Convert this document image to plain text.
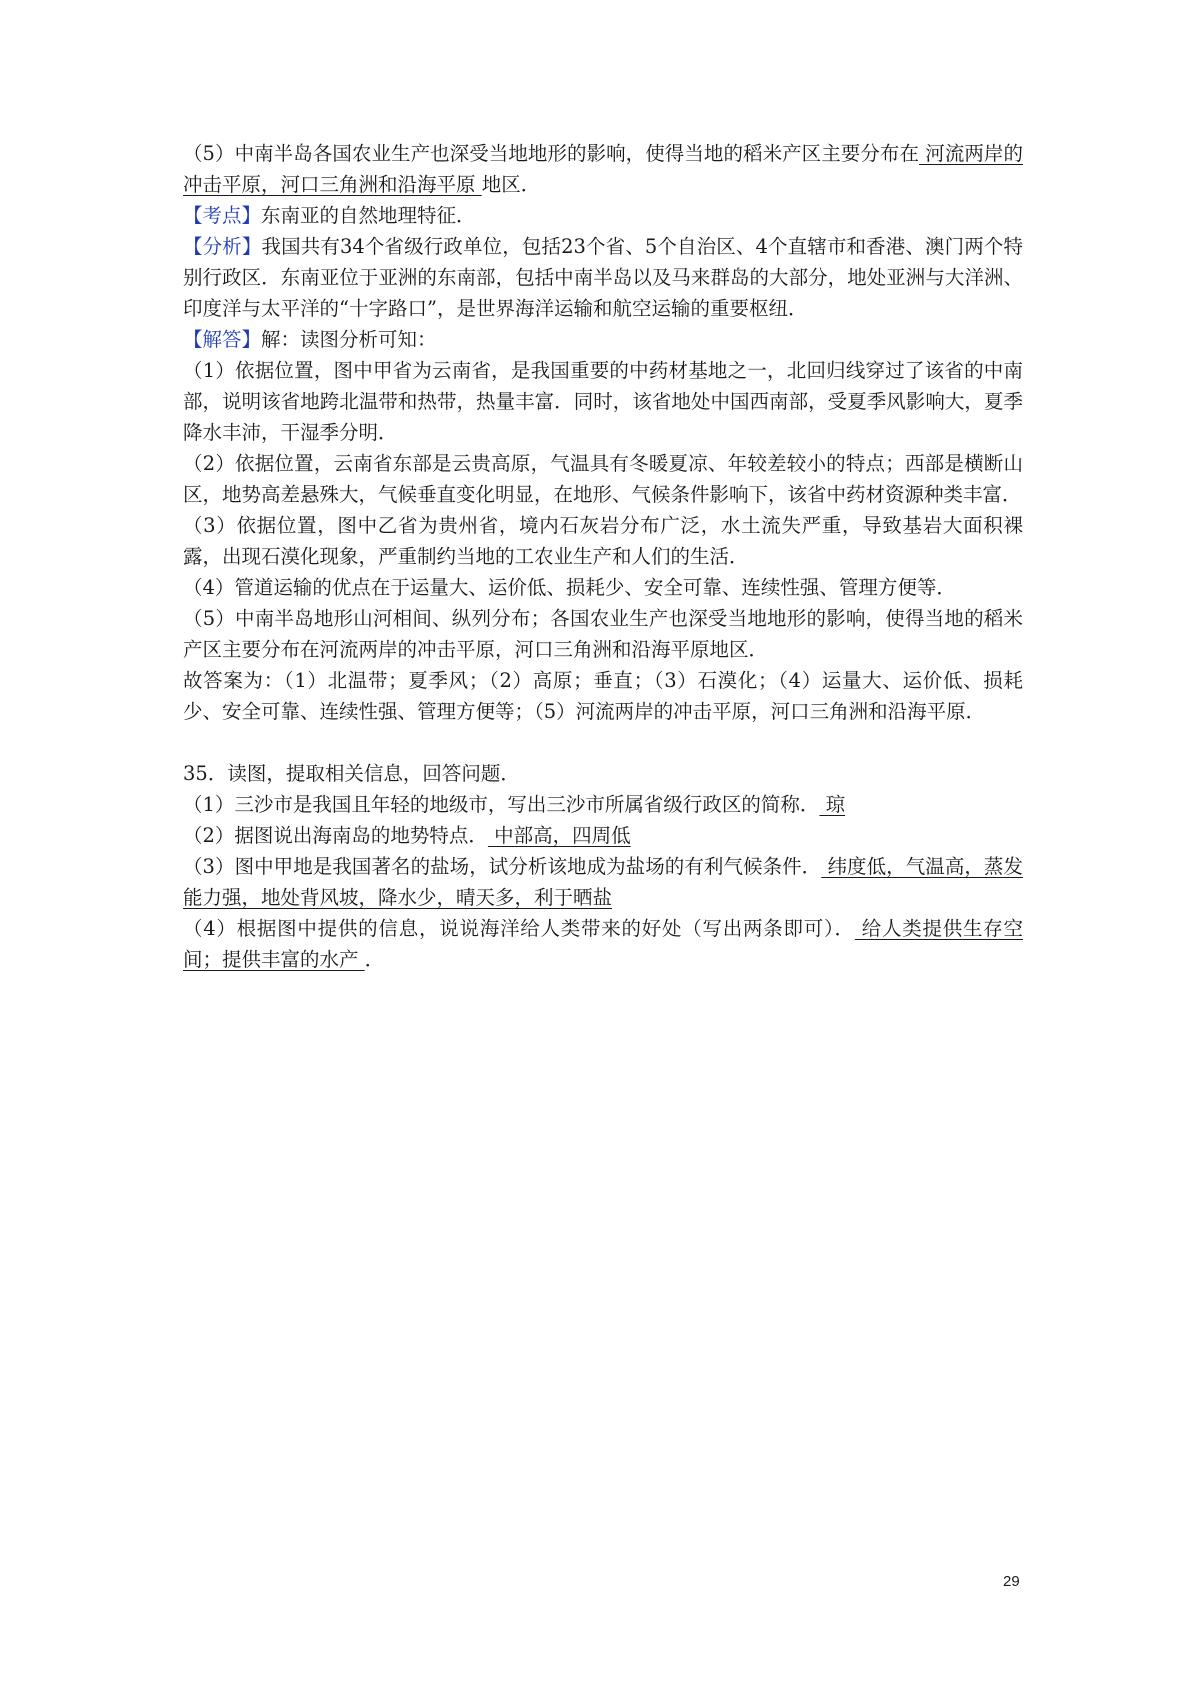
（5）中南半岛各国农业生产也深受当地地形的影响，使得当地的稻米产区主要分布在 河流两岸的冲击平原，河口三角洲和沿海平原 地区．

【考点】东南亚的自然地理特征．

【分析】我国共有34个省级行政单位，包括23个省、5个自治区、4个直辖市和香港、澳门两个特别行政区．东南亚位于亚洲的东南部，包括中南半岛以及马来群岛的大部分，地处亚洲与大洋洲、印度洋与太平洋的“十字路口”，是世界海洋运输和航空运输的重要枢纽．

【解答】解：读图分析可知：

（1）依据位置，图中甲省为云南省，是我国重要的中药材基地之一，北回归线穿过了该省的中南部，说明该省地跨北温带和热带，热量丰富．同时，该省地处中国西南部，受夏季风影响大，夏季降水丰沛，干湿季分明．

（2）依据位置，云南省东部是云贵高原，气温具有冬暖夏凉、年较差较小的特点；西部是横断山区，地势高差悬殊大，气候垂直变化明显，在地形、气候条件影响下，该省中药材资源种类丰富．

（3）依据位置，图中乙省为贵州省，境内石灰岩分布广泛，水土流失严重，导致基岩大面积裸露，出现石漠化现象，严重制约当地的工农业生产和人们的生活．

（4）管道运输的优点在于运量大、运价低、损耗少、安全可靠、连续性强、管理方便等．

（5）中南半岛地形山河相间、纵列分布；各国农业生产也深受当地地形的影响，使得当地的稻米产区主要分布在河流两岸的冲击平原，河口三角洲和沿海平原地区．

故答案为：（1）北温带；夏季风；（2）高原；垂直；（3）石漠化；（4）运量大、运价低、损耗少、安全可靠、连续性强、管理方便等；（5）河流两岸的冲击平原，河口三角洲和沿海平原．

35．读图，提取相关信息，回答问题．

（1）三沙市是我国且年轻的地级市，写出三沙市所属省级行政区的简称． 琼

（2）据图说出海南岛的地势特点． 中部高，四周低

（3）图中甲地是我国著名的盐场，试分析该地成为盐场的有利气候条件． 纬度低，气温高，蒸发能力强，地处背风坡，降水少，晴天多，利于晒盐

（4）根据图中提供的信息，说说海洋给人类带来的好处（写出两条即可）． 给人类提供生存空间；提供丰富的水产 ．

29
